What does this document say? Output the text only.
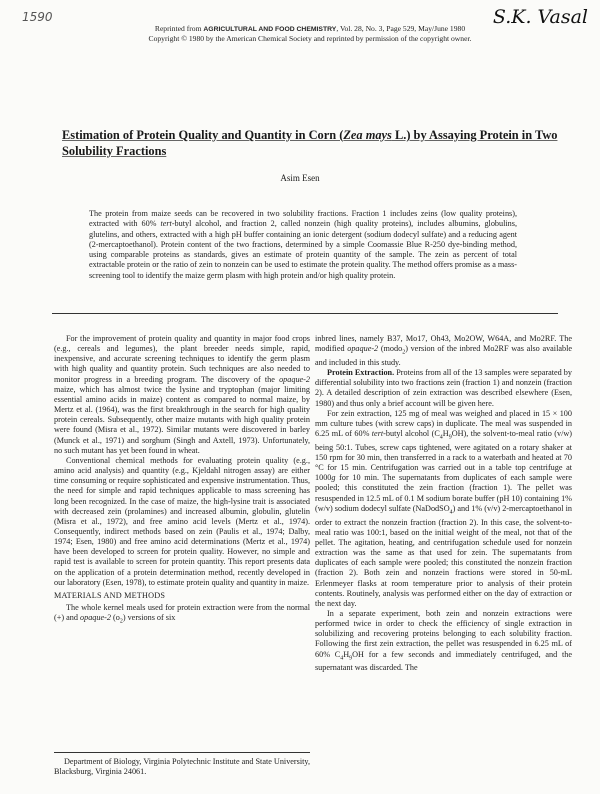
1590	S.K. Vasal
Reprinted from AGRICULTURAL AND FOOD CHEMISTRY, Vol. 28, No. 3, Page 529, May/June 1980
Copyright © 1980 by the American Chemical Society and reprinted by permission of the copyright owner.
Estimation of Protein Quality and Quantity in Corn (Zea mays L.) by Assaying Protein in Two Solubility Fractions
Asim Esen
The protein from maize seeds can be recovered in two solubility fractions. Fraction 1 includes zeins (low quality proteins), extracted with 60% tert-butyl alcohol, and fraction 2, called nonzein (high quality proteins), includes albumins, globulins, glutelins, and others, extracted with a high pH buffer containing an ionic detergent (sodium dodecyl sulfate) and a reducing agent (2-mercaptoethanol). Protein content of the two fractions, determined by a simple Coomassie Blue R-250 dye-binding method, using comparable proteins as standards, gives an estimate of protein quantity of the sample. The zein as percent of total extractable protein or the ratio of zein to nonzein can be used to estimate the protein quality. The method offers promise as a mass-screening tool to identify the maize germ plasm with high protein and/or high quality protein.

For the improvement of protein quality and quantity in major food crops (e.g., cereals and legumes), the plant breeder needs simple, rapid, inexpensive, and accurate screening techniques to identify the germ plasm with high quality and quantity protein. Such techniques are also needed to monitor progress in a breeding program. The discovery of the opaque-2 maize, which has almost twice the lysine and tryptophan (major limiting essential amino acids in maize) content as compared to normal maize, by Mertz et al. (1964), was the first breakthrough in the search for high quality protein cereals. Subsequently, other maize mutants with high quality protein were found (Misra et al., 1972). Similar mutants were discovered in barley (Munck et al., 1971) and sorghum (Singh and Axtell, 1973). Unfortunately, no such mutant has yet been found in wheat.

Conventional chemical methods for evaluating protein quality (e.g., amino acid analysis) and quantity (e.g., Kjeldahl nitrogen assay) are either time consuming or require sophisticated and expensive instrumentation. Thus, the need for simple and rapid techniques applicable to mass screening has long been recognized. In the case of maize, the high-lysine trait is associated with decreased zein (prolamines) and increased albumin, globulin, glutelin (Misra et al., 1972), and free amino acid levels (Mertz et al., 1974). Consequently, indirect methods based on zein (Paulis et al., 1974; Dalby, 1974; Esen, 1980) and free amino acid determinations (Mertz et al., 1974) have been developed to screen for protein quality. However, no simple and rapid test is available to screen for protein quantity. This report presents data on the application of a protein determination method, recently developed in our laboratory (Esen, 1978), to estimate protein quality and quantity in maize.

MATERIALS AND METHODS

The whole kernel meals used for protein extraction were from the normal (+) and opaque-2 $(o_2)$ versions of six

Department of Biology, Virginia Polytechnic Institute and State University, Blacksburg, Virginia 24061.

inbred lines, namely B37, Mo17, Oh43, Mo2OW, W64A, and Mo2RF. The modified opaque-2 (modo$_2$) version of the inbred Mo2RF was also available and included in this study.

Protein Extraction. Proteins from all of the 13 samples were separated by differential solubility into two fractions zein (fraction 1) and nonzein (fraction 2). A detailed description of zein extraction was described elsewhere (Esen, 1980) and thus only a brief account will be given here.

For zein extraction, 125 mg of meal was weighed and placed in 15 × 100 mm culture tubes (with screw caps) in duplicate. The meal was suspended in 6.25 mL of 60% tert-butyl alcohol $(C_4H_9OH)$, the solvent-to-meal ratio (v/w) being 50:1. Tubes, screw caps tightened, were agitated on a rotary shaker at 150 rpm for 30 min, then transferred in a rack to a waterbath and heated at 70 °C for 15 min. Centrifugation was carried out in a table top centrifuge at 1000g for 10 min. The supernatants from duplicates of each sample were pooled; this constituted the zein fraction (fraction 1). The pellet was resuspended in 12.5 mL of 0.1 M sodium borate buffer (pH 10) containing 1% (w/v) sodium dodecyl sulfate (NaDodSO$_4$) and 1% (v/v) 2-mercaptoethanol in order to extract the nonzein fraction (fraction 2). In this case, the solvent-to-meal ratio was 100:1, based on the initial weight of the meal, not that of the pellet. The agitation, heating, and centrifugation schedule used for nonzein extraction was the same as that used for zein. The supernatants from duplicates of each sample were pooled; this constituted the nonzein fraction (fraction 2). Both zein and nonzein fractions were stored in 50-mL Erlenmeyer flasks at room temperature prior to analysis of their protein contents. Routinely, analysis was performed either on the day of extraction or the next day.

In a separate experiment, both zein and nonzein extractions were performed twice in order to check the efficiency of single extraction in solubilizing and recovering proteins belonging to each solubility fraction. Following the first zein extraction, the pellet was resuspended in 6.25 mL of 60% $C_4H_9OH$ for a few seconds and immediately centrifuged, and the supernatant was discarded. The
